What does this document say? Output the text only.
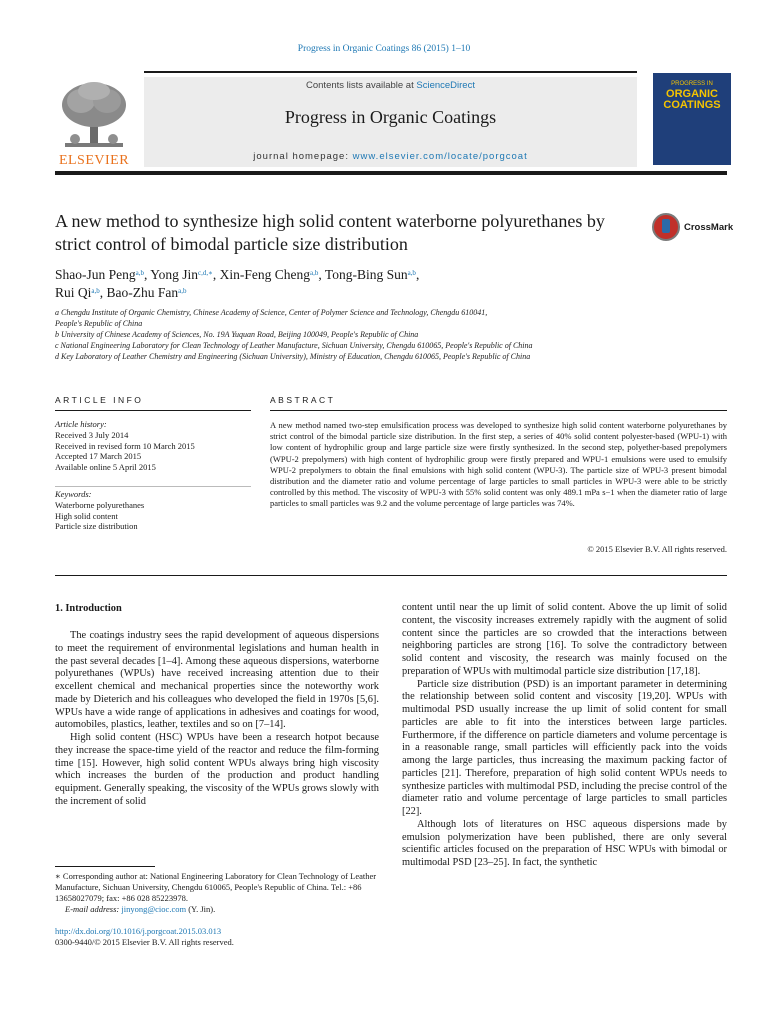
Progress in Organic Coatings 86 (2015) 1–10
ELSEVIER
Contents lists available at ScienceDirect
Progress in Organic Coatings
journal homepage: www.elsevier.com/locate/porgcoat
PROGRESS IN
ORGANIC
COATINGS
A new method to synthesize high solid content waterborne polyurethanes by strict control of bimodal particle size distribution
CrossMark
Shao-Jun Peng$^{a,b}$, Yong Jin$^{c,d,∗}$, Xin-Feng Cheng$^{a,b}$, Tong-Bing Sun$^{a,b}$,
Rui Qi$^{a,b}$, Bao-Zhu Fan$^{a,b}$
a Chengdu Institute of Organic Chemistry, Chinese Academy of Science, Center of Polymer Science and Technology, Chengdu 610041,
People's Republic of China
b University of Chinese Academy of Sciences, No. 19A Yuquan Road, Beijing 100049, People's Republic of China
c National Engineering Laboratory for Clean Technology of Leather Manufacture, Sichuan University, Chengdu 610065, People's Republic of China
d Key Laboratory of Leather Chemistry and Engineering (Sichuan University), Ministry of Education, Chengdu 610065, People's Republic of China
ARTICLE INFO	ABSTRACT
Article history:
Received 3 July 2014
Received in revised form 10 March 2015
Accepted 17 March 2015
Available online 5 April 2015
Keywords:
Waterborne polyurethanes
High solid content
Particle size distribution
A new method named two-step emulsification process was developed to synthesize high solid content waterborne polyurethanes by strict control of the bimodal particle size distribution. In the first step, a series of 40% solid content polyester-based (WPU-1) with low content of hydrophilic group and large particle size were firstly synthesized. In the second step, polyether-based prepolymers (WPU-2 prepolymers) with high content of hydrophilic group were firstly prepared and WPU-1 emulsions were used to emulsify WPU-2 prepolymers to obtain the final emulsions with high solid content (WPU-3). The particle size of WPU-3 present bimodal distribution and the diameter ratio and volume percentage of large particles to small particles in WPU-3 were able to be strictly controlled by this method. The viscosity of WPU-3 with 55% solid content was only 489.1 mPa s−1 when the diameter ratio of large particles to small particles was 9.2 and the volume percentage of large particles was 74%.
© 2015 Elsevier B.V. All rights reserved.
1. Introduction

The coatings industry sees the rapid development of aqueous dispersions to meet the requirement of environmental legislations and human health in the past several decades [1–4]. Among these aqueous dispersions, waterborne polyurethanes (WPUs) have received increasing attention due to their excellent chemical and mechanical properties since the noteworthy work made by Dieterich and his colleagues who developed the field in 1970s [5,6]. WPUs have a wide range of applications in adhesives and coatings for wood, automobiles, plastics, leather, textiles and so on [7–14].

High solid content (HSC) WPUs have been a research hotpot because they increase the space-time yield of the reactor and reduce the film-forming time [15]. However, high solid content WPUs always bring high viscosity which increases the burden of the production and product handling equipment. Generally speaking, the viscosity of the WPUs grows slowly with the increment of solid

content until near the up limit of solid content. Above the up limit of solid content, the viscosity increases extremely rapidly with the augment of solid content since the particles are so crowded that the interactions between neighboring particles are strong [16]. To solve the contradictory between solid content and viscosity, the research was mainly focused on the preparation of WPUs with multimodal particle size distribution [17,18].

Particle size distribution (PSD) is an important parameter in determining the relationship between solid content and viscosity [19,20]. WPUs with multimodal PSD usually increase the up limit of solid content for small particles are able to fit into the interstices between large particles. Furthermore, if the difference on particle diameters and volume percentage is in a reasonable range, small particles will efficiently pack into the voids among the large particles, thus increasing the maximum packing factor of particles [21]. Therefore, preparation of high solid content WPUs needs to synthesize particles with multimodal PSD, including the precise control of the diameter ratio and volume percentage of large particles to small particles [22].

Although lots of literatures on HSC aqueous dispersions made by emulsion polymerization have been published, there are only several scientific articles focused on the preparation of HSC WPUs with bimodal or multimodal PSD [23–25]. In fact, the synthetic

∗ Corresponding author at: National Engineering Laboratory for Clean Technology of Leather Manufacture, Sichuan University, Chengdu 610065, People's Republic of China. Tel.: +86 13658027079; fax: +86 028 85223978.
E-mail address: jinyong@cioc.com (Y. Jin).
http://dx.doi.org/10.1016/j.porgcoat.2015.03.013
0300-9440/© 2015 Elsevier B.V. All rights reserved.
